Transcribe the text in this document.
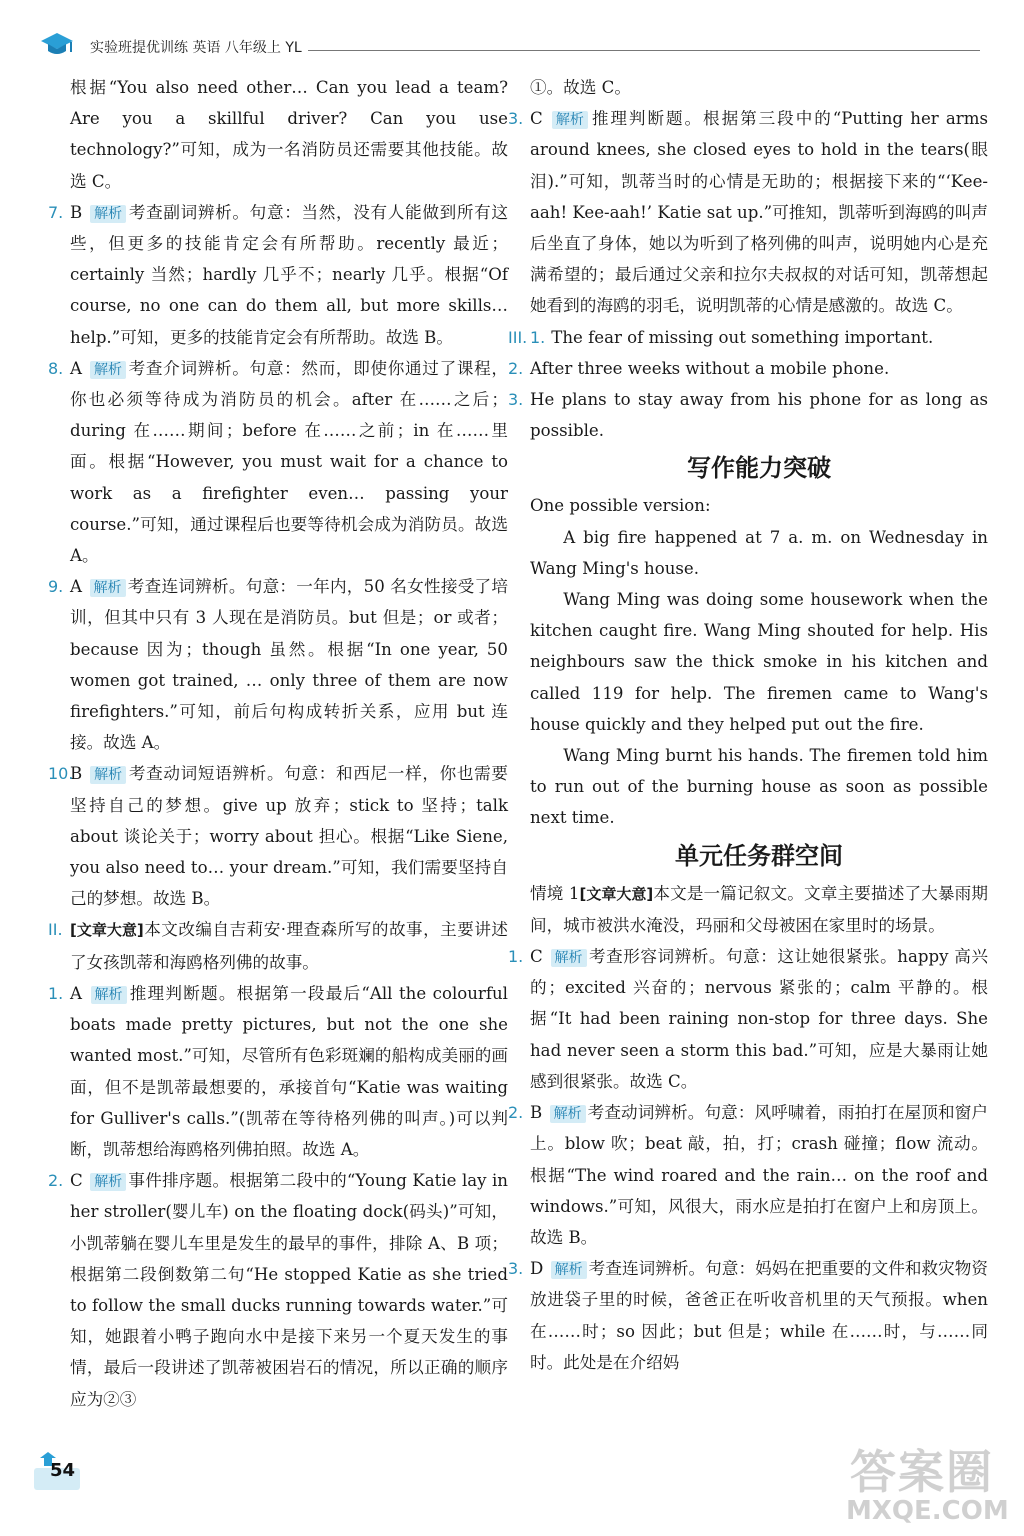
实验班提优训练 英语 八年级上 YL
根据“You also need other… Can you lead a team? Are you a skillful driver? Can you use technology?”可知，成为一名消防员还需要其他技能。故选 C。
7. B 解析 考查副词辨析。句意：当然，没有人能做到所有这些，但更多的技能肯定会有所帮助。recently 最近；certainly 当然；hardly 几乎不；nearly 几乎。根据“Of course, no one can do them all, but more skills… help.”可知，更多的技能肯定会有所帮助。故选 B。
8. A 解析 考查介词辨析。句意：然而，即使你通过了课程，你也必须等待成为消防员的机会。after 在……之后；during 在……期间；before 在……之前；in 在……里面。根据“However, you must wait for a chance to work as a firefighter even… passing your course.”可知，通过课程后也要等待机会成为消防员。故选 A。
9. A 解析 考查连词辨析。句意：一年内，50 名女性接受了培训，但其中只有 3 人现在是消防员。but 但是；or 或者；because 因为；though 虽然。根据“In one year, 50 women got trained, … only three of them are now firefighters.”可知，前后句构成转折关系，应用 but 连接。故选 A。
10.
B 解析 考查动词短语辨析。句意：和西尼一样，你也需要坚持自己的梦想。give up 放弃；stick to 坚持；talk about 谈论关于；worry about 担心。根据“Like Siene, you also need to… your dream.”可知，我们需要坚持自己的梦想。故选 B。
II. [文章大意]本文改编自吉莉安·理查森所写的故事，主要讲述了女孩凯蒂和海鸥格列佛的故事。
1. A 解析 推理判断题。根据第一段最后“All the colourful boats made pretty pictures, but not the one she wanted most.”可知，尽管所有色彩斑斓的船构成美丽的画面，但不是凯蒂最想要的，承接首句“Katie was waiting for Gulliver's calls.”(凯蒂在等待格列佛的叫声。)可以判断，凯蒂想给海鸥格列佛拍照。故选 A。
2. C 解析 事件排序题。根据第二段中的“Young Katie lay in her stroller(婴儿车) on the floating dock(码头)”可知，小凯蒂躺在婴儿车里是发生的最早的事件，排除 A、B 项；根据第二段倒数第二句“He stopped Katie as she tried to follow the small ducks running towards water.”可知，她跟着小鸭子跑向水中是接下来另一个夏天发生的事情，最后一段讲述了凯蒂被困岩石的情况，所以正确的顺序应为②③
①。故选 C。
3. C 解析 推理判断题。根据第三段中的“Putting her arms around knees, she closed eyes to hold in the tears(眼泪).”可知，凯蒂当时的心情是无助的；根据接下来的“‘Kee-aah! Kee-aah!’ Katie sat up.”可推知，凯蒂听到海鸥的叫声后坐直了身体，她以为听到了格列佛的叫声，说明她内心是充满希望的；最后通过父亲和拉尔夫叔叔的对话可知，凯蒂想起她看到的海鸥的羽毛，说明凯蒂的心情是感激的。故选 C。
III. 1. The fear of missing out something important.
2. After three weeks without a mobile phone.
3. He plans to stay away from his phone for as long as possible.
写作能力突破
One possible version:
A big fire happened at 7 a. m. on Wednesday in Wang Ming's house.
Wang Ming was doing some housework when the kitchen caught fire. Wang Ming shouted for help. His neighbours saw the thick smoke in his kitchen and called 119 for help. The firemen came to Wang's house quickly and they helped put out the fire.
Wang Ming burnt his hands. The firemen told him to run out of the burning house as soon as possible next time.
单元任务群空间
情境 1[文章大意]本文是一篇记叙文。文章主要描述了大暴雨期间，城市被洪水淹没，玛丽和父母被困在家里时的场景。
1. C 解析 考查形容词辨析。句意：这让她很紧张。happy 高兴的；excited 兴奋的；nervous 紧张的；calm 平静的。根据“It had been raining non-stop for three days. She had never seen a storm this bad.”可知，应是大暴雨让她感到很紧张。故选 C。
2. B 解析 考查动词辨析。句意：风呼啸着，雨拍打在屋顶和窗户上。blow 吹；beat 敲，拍，打；crash 碰撞；flow 流动。根据“The wind roared and the rain… on the roof and windows.”可知，风很大，雨水应是拍打在窗户上和房顶上。故选 B。
3. D 解析 考查连词辨析。句意：妈妈在把重要的文件和救灾物资放进袋子里的时候，爸爸正在听收音机里的天气预报。when 在……时；so 因此；but 但是；while 在……时，与……同时。此处是在介绍妈
54	答案圈
MXQE.COM
